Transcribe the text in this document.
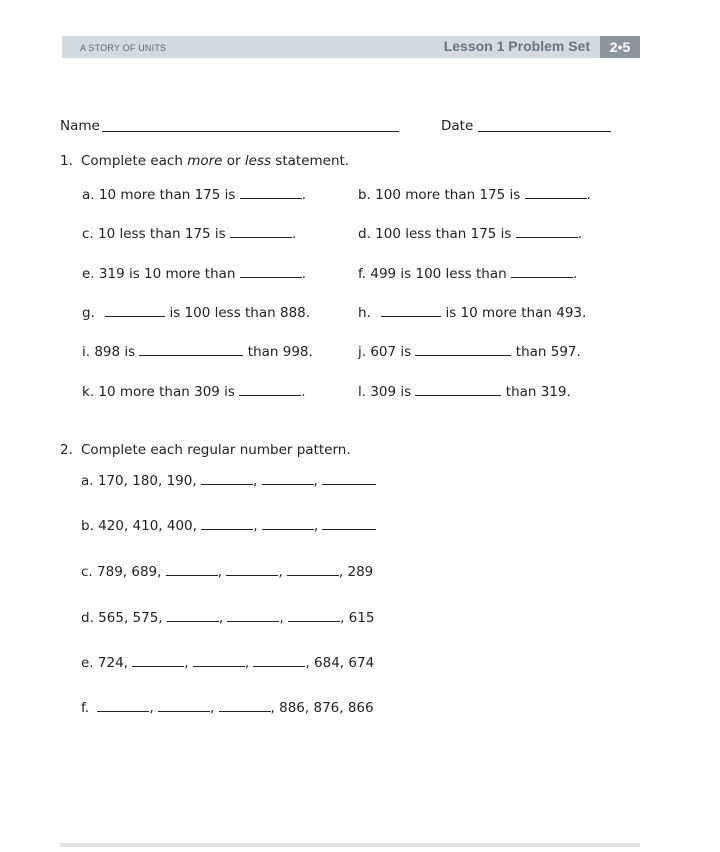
A STORY OF UNITS	Lesson 1 Problem Set	2•5
Name	Date
1. Complete each more or less statement.
a. 10 more than 175 is	.	b. 100 more than 175 is	.
c. 10 less than 175 is	.	d. 100 less than 175 is	.
e. 319 is 10 more than	.	f. 499 is 100 less than	.
g.	is 100 less than 888.	h.	is 10 more than 493.
i. 898 is	than 998.	j. 607 is	than 597.
k. 10 more than 309 is	.	l. 309 is	than 319.
2. Complete each regular number pattern.
a. 170, 180, 190,	,	,
b. 420, 410, 400,	,	,
c. 789, 689,	,	,	, 289
d. 565, 575,	,	,	, 615
e. 724,	,	,	, 684, 674
f.	,	,	, 886, 876, 866
